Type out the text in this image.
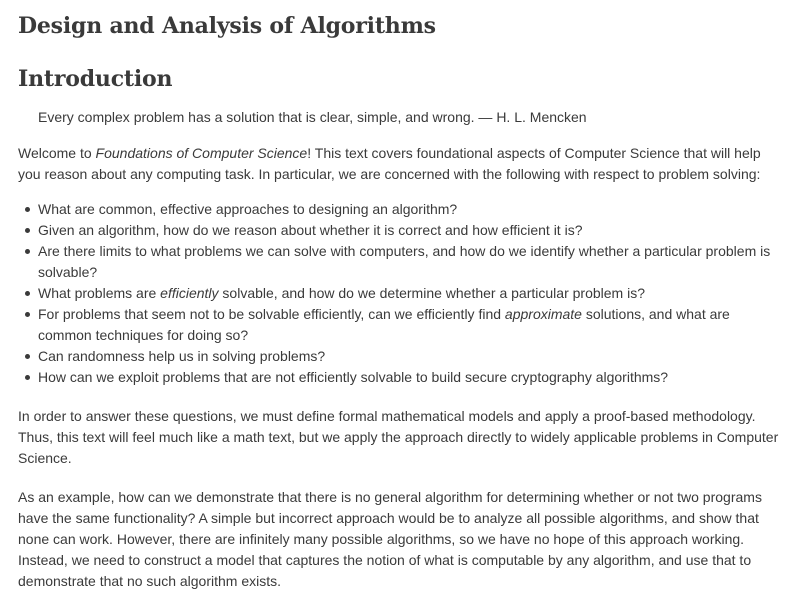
Design and Analysis of Algorithms
Introduction
Every complex problem has a solution that is clear, simple, and wrong. — H. L. Mencken

Welcome to Foundations of Computer Science! This text covers foundational aspects of Computer Science that will help you reason about any computing task. In particular, we are concerned with the following with respect to problem solving:

What are common, effective approaches to designing an algorithm?
Given an algorithm, how do we reason about whether it is correct and how efficient it is?
Are there limits to what problems we can solve with computers, and how do we identify whether a particular problem is solvable?
What problems are efficiently solvable, and how do we determine whether a particular problem is?
For problems that seem not to be solvable efficiently, can we efficiently find approximate solutions, and what are common techniques for doing so?
Can randomness help us in solving problems?
How can we exploit problems that are not efficiently solvable to build secure cryptography algorithms?

In order to answer these questions, we must define formal mathematical models and apply a proof-based methodology. Thus, this text will feel much like a math text, but we apply the approach directly to widely applicable problems in Computer Science.

As an example, how can we demonstrate that there is no general algorithm for determining whether or not two programs have the same functionality? A simple but incorrect approach would be to analyze all possible algorithms, and show that none can work. However, there are infinitely many possible algorithms, so we have no hope of this approach working. Instead, we need to construct a model that captures the notion of what is computable by any algorithm, and use that to demonstrate that no such algorithm exists.
